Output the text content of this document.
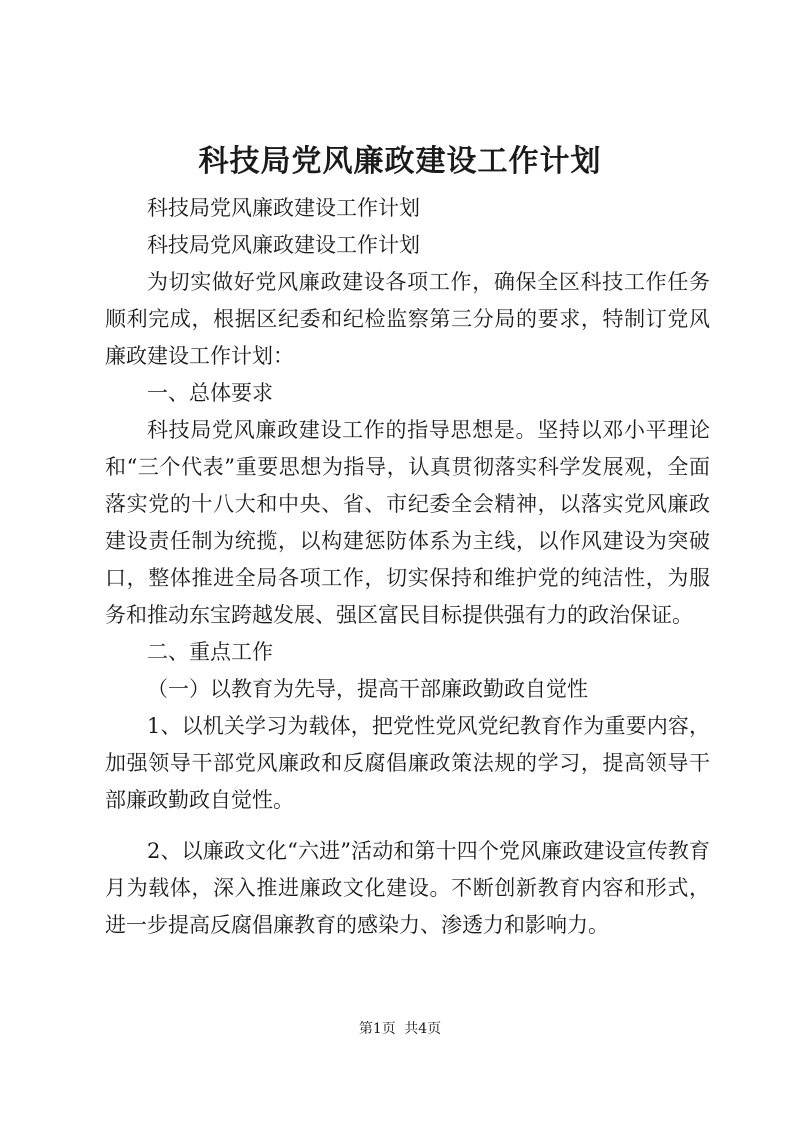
科技局党风廉政建设工作计划

科技局党风廉政建设工作计划

科技局党风廉政建设工作计划

为切实做好党风廉政建设各项工作，确保全区科技工作任务顺利完成，根据区纪委和纪检监察第三分局的要求，特制订党风廉政建设工作计划：

一、总体要求

科技局党风廉政建设工作的指导思想是。坚持以邓小平理论和“三个代表”重要思想为指导，认真贯彻落实科学发展观，全面落实党的十八大和中央、省、市纪委全会精神，以落实党风廉政建设责任制为统揽，以构建惩防体系为主线，以作风建设为突破口，整体推进全局各项工作，切实保持和维护党的纯洁性，为服务和推动东宝跨越发展、强区富民目标提供强有力的政治保证。

二、重点工作

（一）以教育为先导，提高干部廉政勤政自觉性

1、以机关学习为载体，把党性党风党纪教育作为重要内容，加强领导干部党风廉政和反腐倡廉政策法规的学习，提高领导干部廉政勤政自觉性。

2、以廉政文化“六进”活动和第十四个党风廉政建设宣传教育月为载体，深入推进廉政文化建设。不断创新教育内容和形式，进一步提高反腐倡廉教育的感染力、渗透力和影响力。

第1页 共4页
